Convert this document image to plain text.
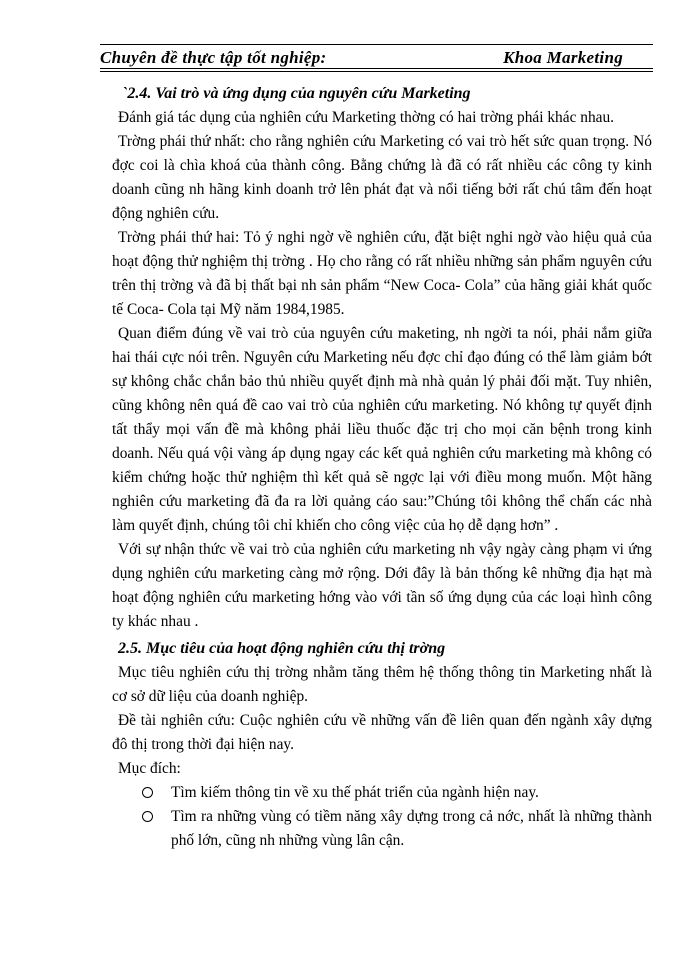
Chuyên đề thực tập tốt nghiệp:	Khoa Marketing
`2.4. Vai trò và ứng dụng của nguyên cứu Marketing

Đánh giá tác dụng của nghiên cứu Marketing thờng có hai trờng phái khác nhau.

Trờng phái thứ nhất: cho rằng nghiên cứu Marketing có vai trò hết sức quan trọng. Nó đợc coi là chìa khoá của thành công. Bằng chứng là đã có rất nhiều các công ty kinh doanh cũng nh hãng kinh doanh trở lên phát đạt và nổi tiếng bởi rất chú tâm đến hoạt động nghiên cứu.

Trờng phái thứ hai: Tỏ ý nghi ngờ về nghiên cứu, đặt biệt nghi ngờ vào hiệu quả của hoạt động thử nghiệm thị trờng . Họ cho rằng có rất nhiều những sản phẩm nguyên cứu trên thị trờng và đã bị thất bại nh sản phẩm “New Coca- Cola” của hãng giải khát quốc tế Coca- Cola tại Mỹ năm 1984,1985.

Quan điểm đúng về vai trò của nguyên cứu maketing, nh ngời ta nói, phải nắm giữa hai thái cực nói trên. Nguyên cứu Marketing nếu đợc chỉ đạo đúng có thể làm giảm bớt sự không chắc chắn bảo thủ nhiều quyết định mà nhà quản lý phải đối mặt. Tuy nhiên, cũng không nên quá đề cao vai trò của nghiên cứu marketing. Nó không tự quyết định tất thẩy mọi vấn đề mà không phải liều thuốc đặc trị cho mọi căn bệnh trong kinh doanh. Nếu quá vội vàng áp dụng ngay các kết quả nghiên cứu marketing mà không có kiểm chứng hoặc thử nghiệm thì kết quả sẽ ngợc lại với điều mong muốn. Một hãng nghiên cứu marketing đã đa ra lời quảng cáo sau:”Chúng tôi không thể chấn các nhà làm quyết định, chúng tôi chỉ khiến cho công việc của họ dễ dạng hơn” .

Với sự nhận thức về vai trò của nghiên cứu marketing nh vậy ngày càng phạm vi ứng dụng nghiên cứu marketing càng mở rộng. Dới đây là bản thống kê những địa hạt mà hoạt động nghiên cứu marketing hớng vào với tần số ứng dụng của các loại hình công ty khác nhau .

2.5. Mục tiêu của hoạt động nghiên cứu thị trờng

Mục tiêu nghiên cứu thị trờng nhằm tăng thêm hệ thống thông tin Marketing nhất là cơ sở dữ liệu của doanh nghiệp.

Đề tài nghiên cứu: Cuộc nghiên cứu về những vấn đề liên quan đến ngành xây dựng đô thị trong thời đại hiện nay.

Mục đích:

Tìm kiếm thông tin về xu thế phát triển của ngành hiện nay.
Tìm ra những vùng có tiềm năng xây dựng trong cả nớc, nhất là những thành phố lớn, cũng nh những vùng lân cận.
